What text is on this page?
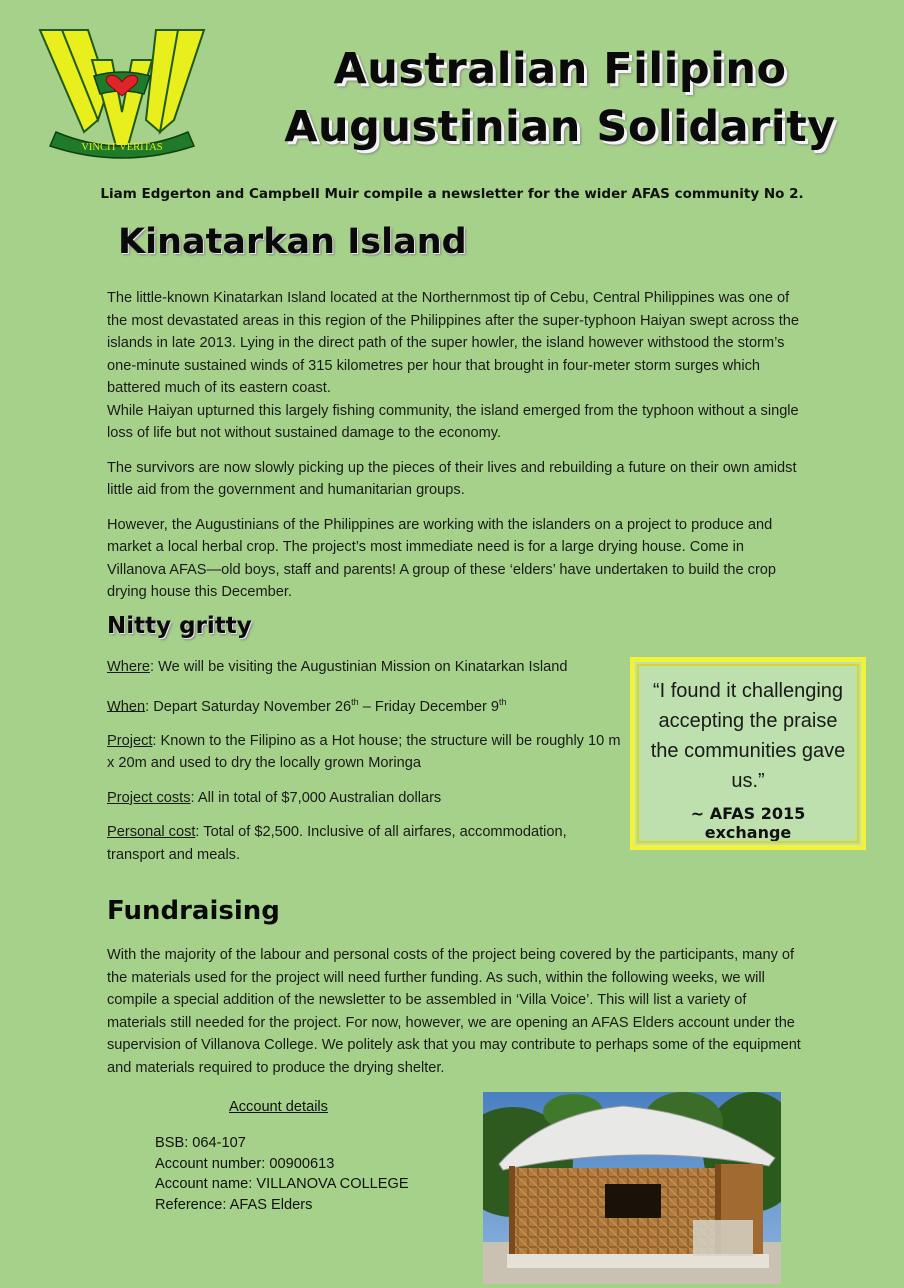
VINCIT VERITAS
Australian Filipino
Augustinian Solidarity
Liam Edgerton and Campbell Muir compile a newsletter for the wider AFAS community No 2.
Kinatarkan Island

The little-known Kinatarkan Island located at the Northernmost tip of Cebu, Central Philippines was one of the most devastated areas in this region of the Philippines after the super-typhoon Haiyan swept across the islands in late 2013. Lying in the direct path of the super howler, the island however withstood the storm’s one-minute sustained winds of 315 kilometres per hour that brought in four-meter storm surges which battered much of its eastern coast.

While Haiyan upturned this largely fishing community, the island emerged from the typhoon without a single loss of life but not without sustained damage to the economy.

The survivors are now slowly picking up the pieces of their lives and rebuilding a future on their own amidst little aid from the government and humanitarian groups.

However, the Augustinians of the Philippines are working with the islanders on a project to produce and market a local herbal crop. The project’s most immediate need is for a large drying house. Come in Villanova AFAS—old boys, staff and parents! A group of these ‘elders’ have undertaken to build the crop drying house this December.

Nitty gritty
Where: We will be visiting the Augustinian Mission on Kinatarkan Island
When: Depart Saturday November 26th – Friday December 9th
Project: Known to the Filipino as a Hot house; the structure will be roughly 10 m x 20m and used to dry the locally grown Moringa
Project costs: All in total of $7,000 Australian dollars
Personal cost: Total of $2,500. Inclusive of all airfares, accommodation, transport and meals.
“I found it challenging accepting the praise the communities gave us.”
~ AFAS 2015 exchange
Fundraising
With the majority of the labour and personal costs of the project being covered by the participants, many of the materials used for the project will need further funding. As such, within the following weeks, we will compile a special addition of the newsletter to be assembled in ‘Villa Voice’. This will list a variety of materials still needed for the project. For now, however, we are opening an AFAS Elders account under the supervision of Villanova College. We politely ask that you may contribute to perhaps some of the equipment and materials required to produce the drying shelter.
Account details
BSB: 064-107
Account number: 00900613
Account name: VILLANOVA COLLEGE
Reference: AFAS Elders
